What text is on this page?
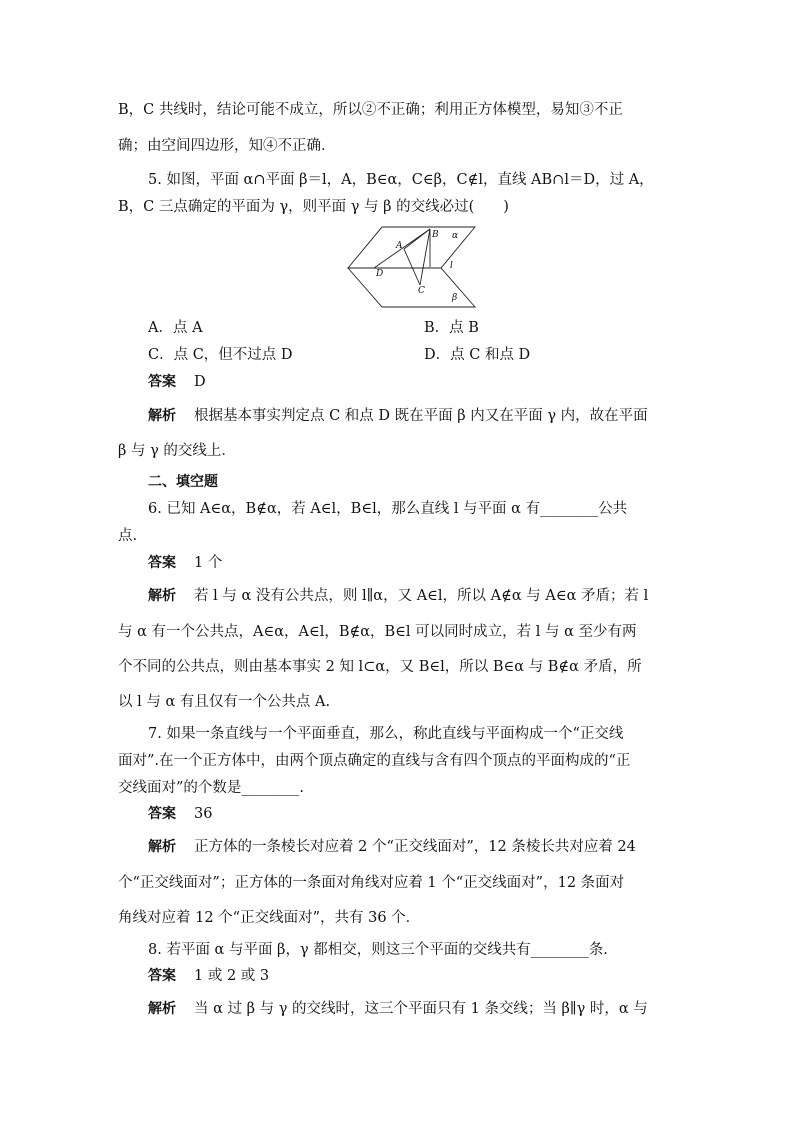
B，C 共线时，结论可能不成立，所以②不正确；利用正方体模型，易知③不正
确；由空间四边形，知④不正确．
5. 如图，平面 α∩平面 β＝l，A，B∈α，C∈β，C∉l，直线 AB∩l＝D，过 A，
B，C 三点确定的平面为 γ，则平面 γ 与 β 的交线必过(　　)
A
B α
D
l
C
β
A．点 A	B．点 B
C．点 C，但不过点 D	D．点 C 和点 D
答案 D
解析 根据基本事实判定点 C 和点 D 既在平面 β 内又在平面 γ 内，故在平面
β 与 γ 的交线上．
二、填空题
6. 已知 A∈α，B∉α，若 A∈l，B∈l，那么直线 l 与平面 α 有________公共
点.
答案 1 个
解析 若 l 与 α 没有公共点，则 l∥α，又 A∈l，所以 A∉α 与 A∈α 矛盾；若 l
与 α 有一个公共点，A∈α，A∈l，B∉α，B∈l 可以同时成立，若 l 与 α 至少有两
个不同的公共点，则由基本事实 2 知 l⊂α，又 B∈l，所以 B∈α 与 B∉α 矛盾，所
以 l 与 α 有且仅有一个公共点 A.
7. 如果一条直线与一个平面垂直，那么，称此直线与平面构成一个“正交线
面对”.在一个正方体中，由两个顶点确定的直线与含有四个顶点的平面构成的“正
交线面对”的个数是________.
答案 36
解析 正方体的一条棱长对应着 2 个“正交线面对”，12 条棱长共对应着 24
个“正交线面对”；正方体的一条面对角线对应着 1 个“正交线面对”，12 条面对
角线对应着 12 个“正交线面对”，共有 36 个．
8. 若平面 α 与平面 β，γ 都相交，则这三个平面的交线共有________条.
答案 1 或 2 或 3
解析 当 α 过 β 与 γ 的交线时，这三个平面只有 1 条交线；当 β∥γ 时，α 与
